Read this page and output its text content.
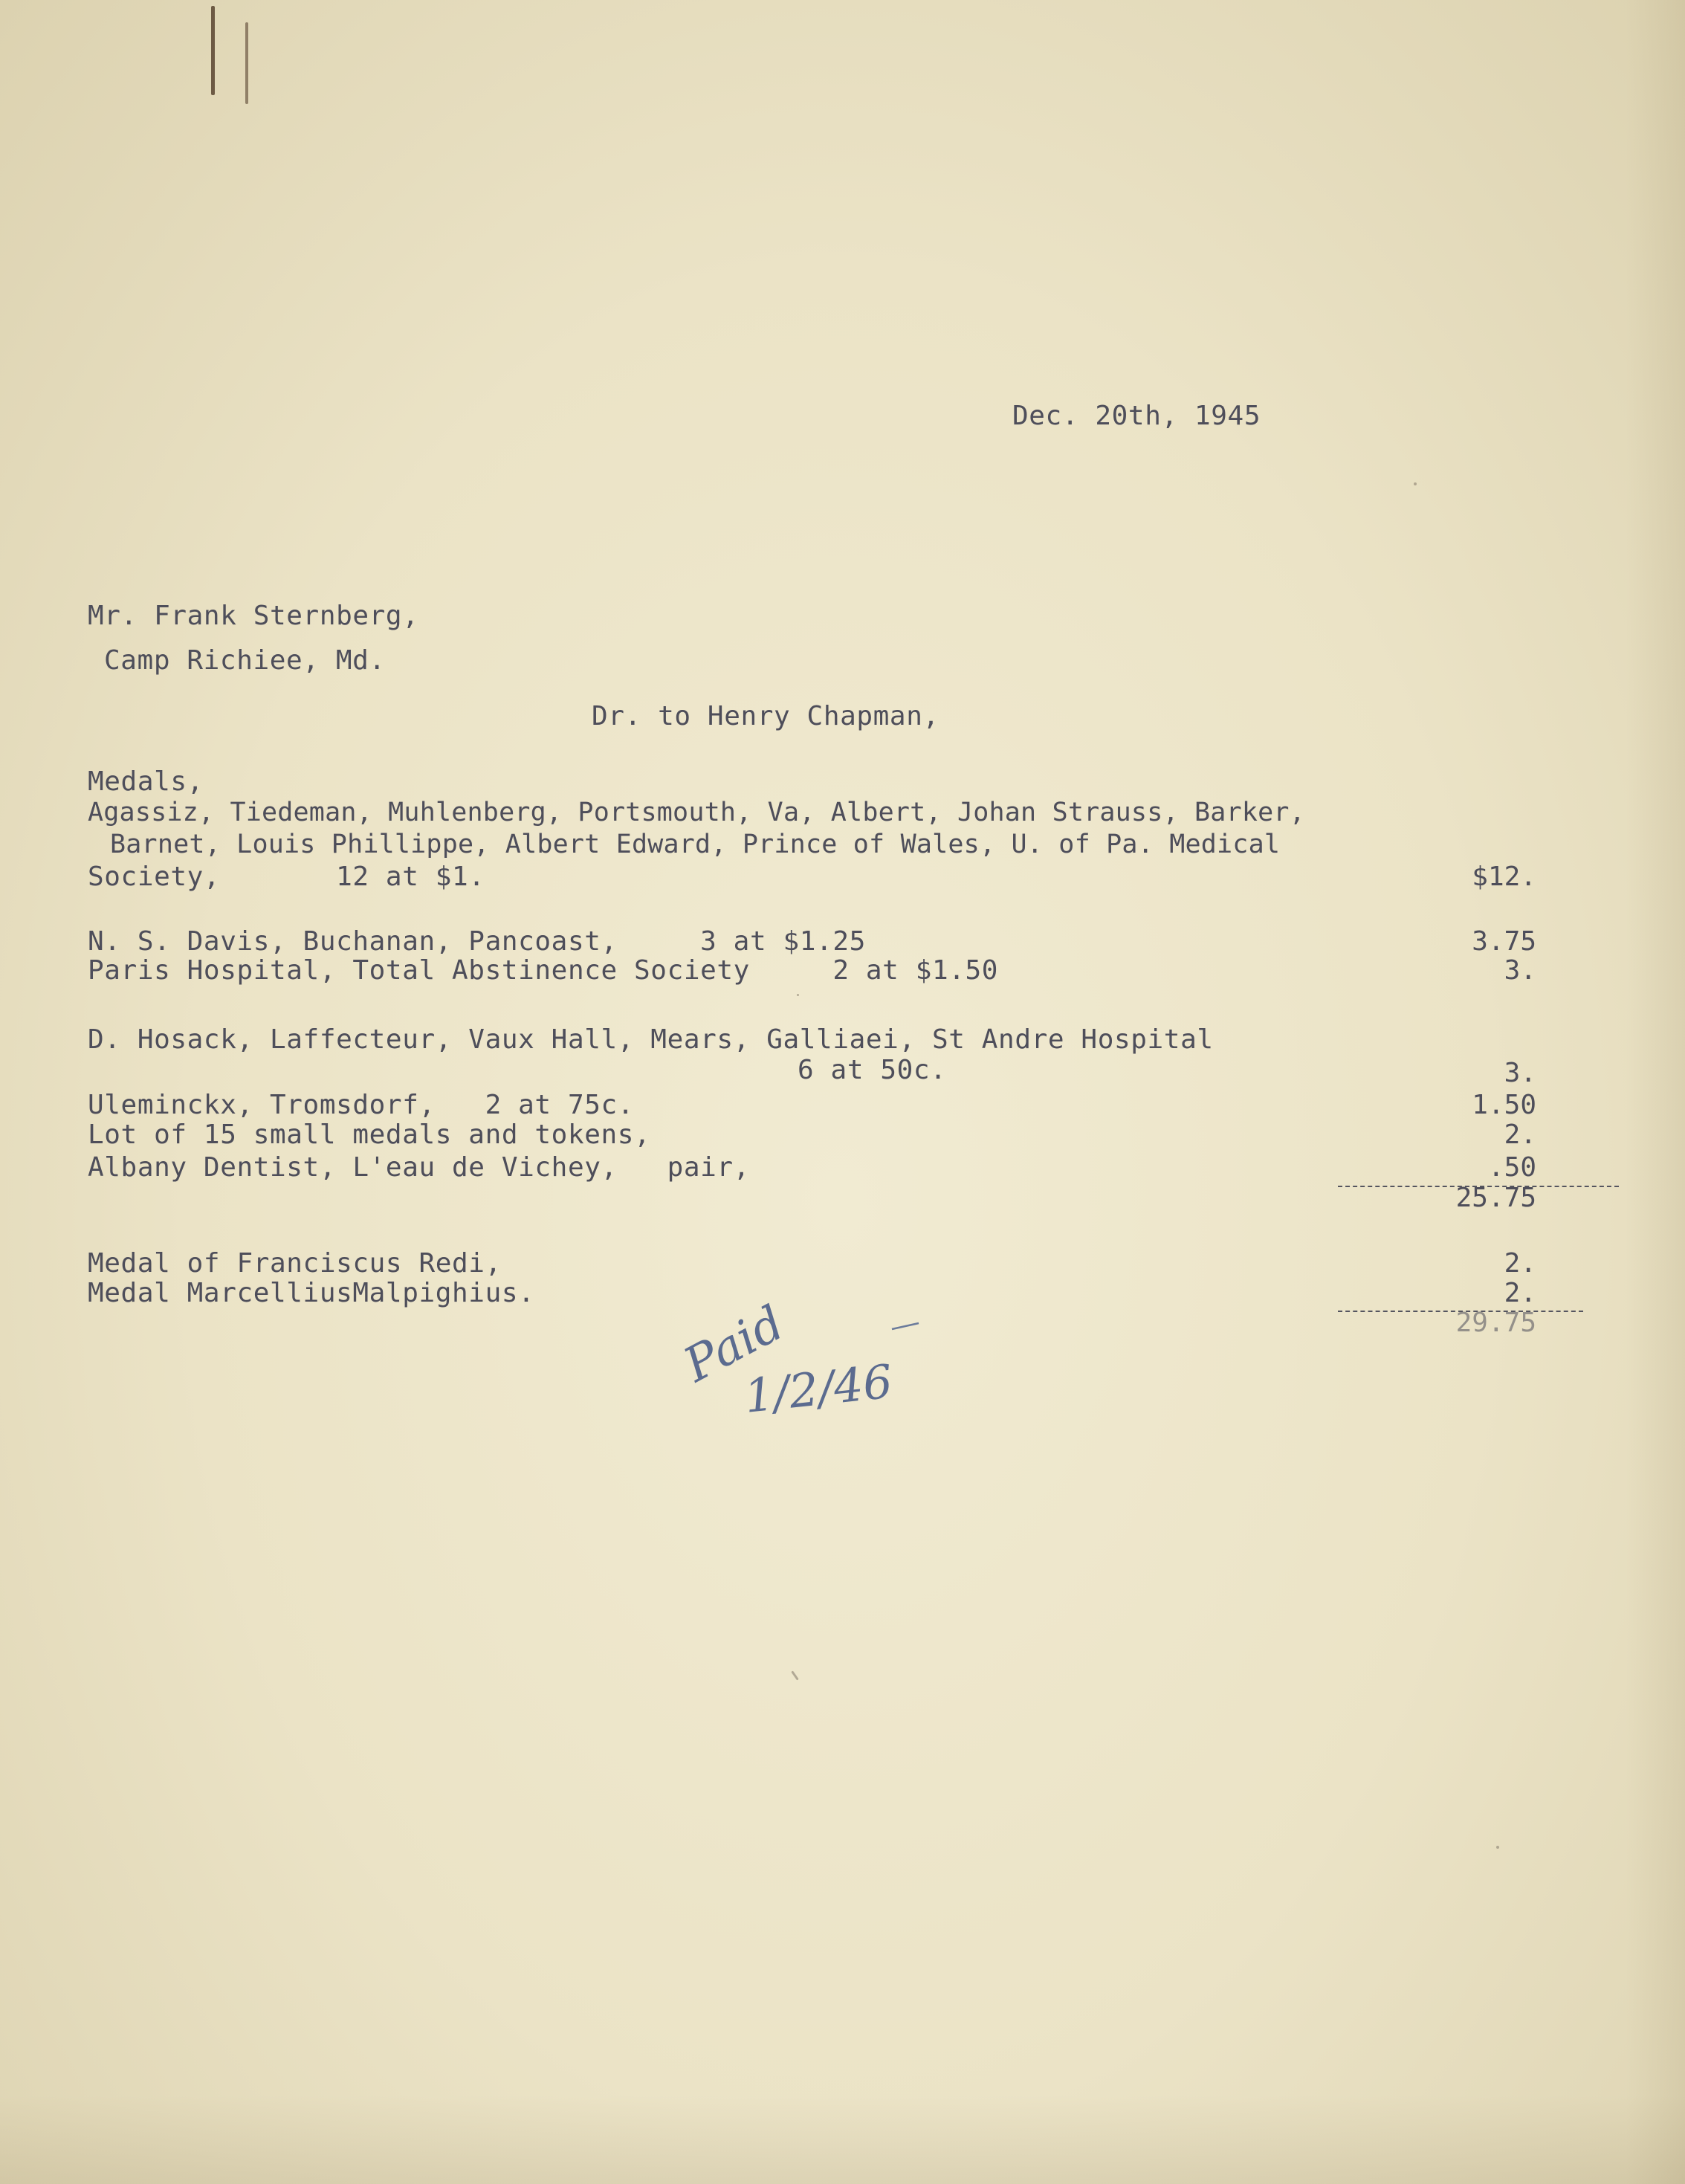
Dec. 20th, 1945
Mr. Frank Sternberg,
Camp Richiee, Md.
Dr. to Henry Chapman,
Medals,
Agassiz, Tiedeman, Muhlenberg, Portsmouth, Va, Albert, Johan Strauss, Barker,
Barnet, Louis Phillippe, Albert Edward, Prince of Wales, U. of Pa. Medical
Society,       12 at $1.	$12.
N. S. Davis, Buchanan, Pancoast,     3 at $1.25	3.75
Paris Hospital, Total Abstinence Society     2 at $1.50	3.
D. Hosack, Laffecteur, Vaux Hall, Mears, Galliaei, St Andre Hospital
6 at 50c.	3.
Uleminckx, Tromsdorf,   2 at 75c.	1.50
Lot of 15 small medals and tokens,	2.
Albany Dentist, L'eau de Vichey,   pair,	.50
25.75
Medal of Franciscus Redi,	2.
Medal MarcelliusMalpighius.	2.
29.75
Paid
1/2/46
